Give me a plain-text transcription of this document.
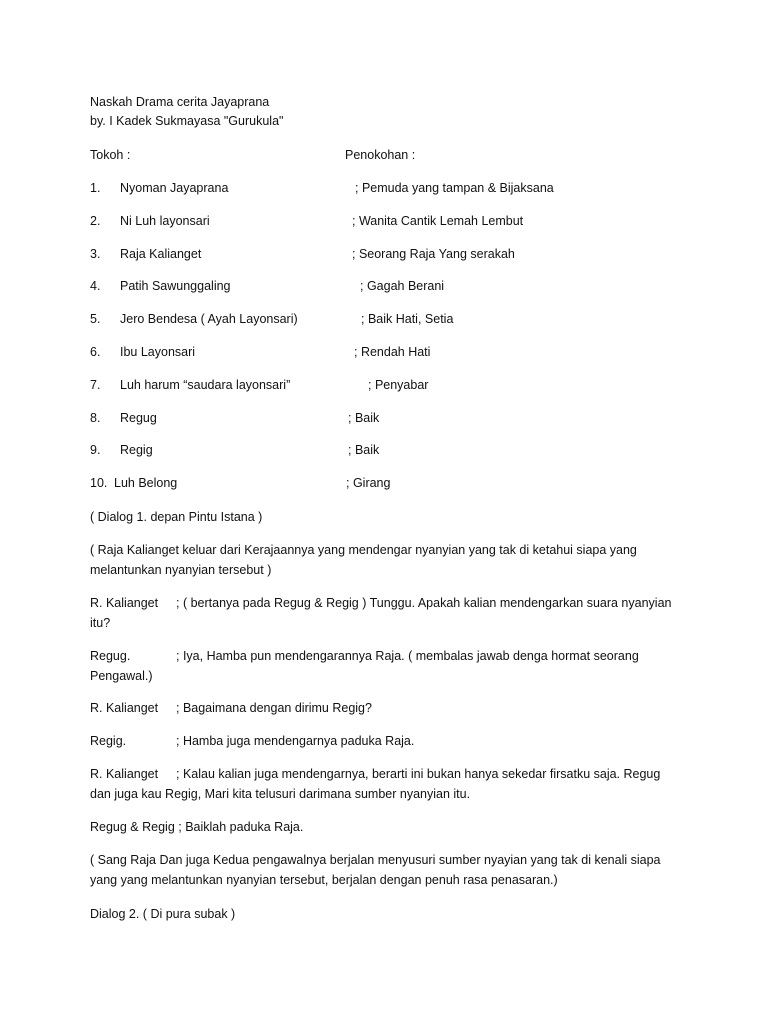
Naskah Drama cerita Jayaprana
by. I Kadek Sukmayasa "Gurukula"
Tokoh :	Penokohan :
1. Nyoman Jayaprana	; Pemuda yang tampan & Bijaksana
2. Ni Luh layonsari	; Wanita Cantik Lemah Lembut
3. Raja Kalianget	; Seorang Raja Yang serakah
4. Patih Sawunggaling	; Gagah Berani
5. Jero Bendesa ( Ayah Layonsari)	; Baik Hati, Setia
6. Ibu Layonsari	; Rendah Hati
7. Luh harum “saudara layonsari”	; Penyabar
8. Regug	; Baik
9. Regig	; Baik
10. Luh Belong	; Girang
( Dialog 1. depan Pintu Istana )
( Raja Kalianget keluar dari Kerajaannya yang mendengar nyanyian yang tak di ketahui siapa yang melantunkan nyanyian tersebut )
R. Kalianget ; ( bertanya pada Regug & Regig ) Tunggu. Apakah kalian mendengarkan suara nyanyian itu?
Regug.	; Iya, Hamba pun mendengarannya Raja. ( membalas jawab denga hormat seorang Pengawal.)
R. Kalianget ; Bagaimana dengan dirimu Regig?
Regig.	; Hamba juga mendengarnya paduka Raja.
R. Kalianget ; Kalau kalian juga mendengarnya, berarti ini bukan hanya sekedar firsatku saja. Regug dan juga kau Regig, Mari kita telusuri darimana sumber nyanyian itu.
Regug & Regig ; Baiklah paduka Raja.
( Sang Raja Dan juga Kedua pengawalnya berjalan menyusuri sumber nyayian yang tak di kenali siapa yang yang melantunkan nyanyian tersebut, berjalan dengan penuh rasa penasaran.)
Dialog 2. ( Di pura subak )
